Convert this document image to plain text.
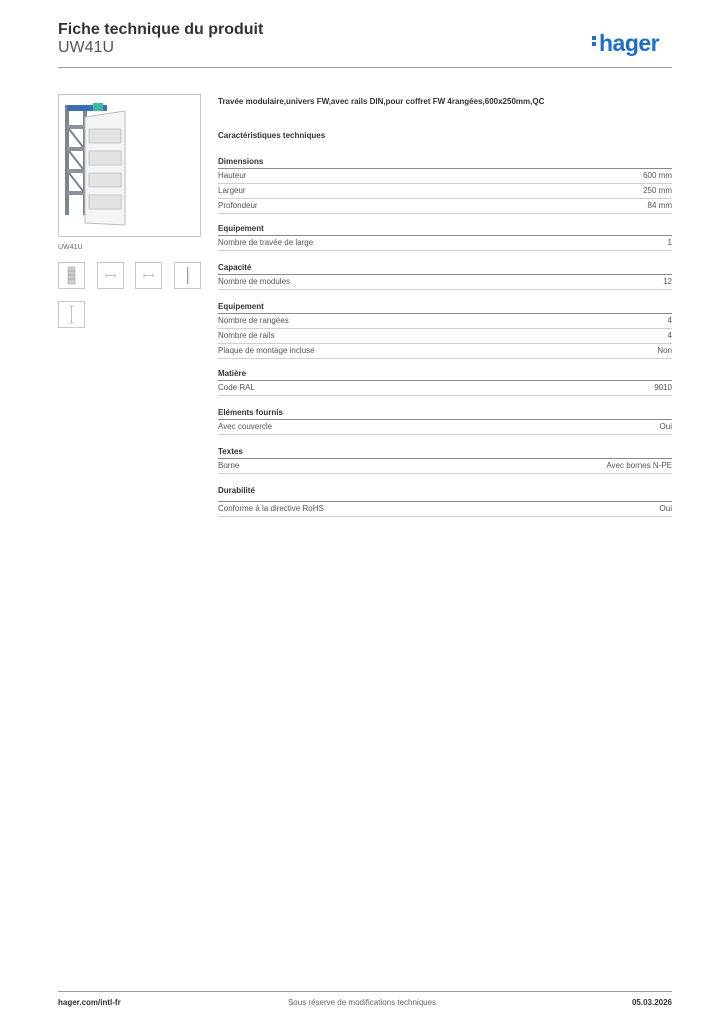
Fiche technique du produit
UW41U	hager
UW41U
Travée modulaire,univers FW,avec rails DIN,pour coffret FW 4rangées,600x250mm,QC
Caractéristiques techniques
Dimensions
Hauteur	600 mm
Largeur	250 mm
Profondeur	84 mm
Equipement
Nombre de travée de large	1
Capacité
Nombre de modules	12
Equipement
Nombre de rangées	4
Nombre de rails	4
Plaque de montage incluse	Non
Matière
Code RAL	9010
Eléments fournis
Avec couvercle	Oui
Textes
Borne	Avec bornes N-PE
Durabilité
Conforme à la directive RoHS	Oui
hager.com/intl-fr	Sous réserve de modifications techniques	05.03.2026
